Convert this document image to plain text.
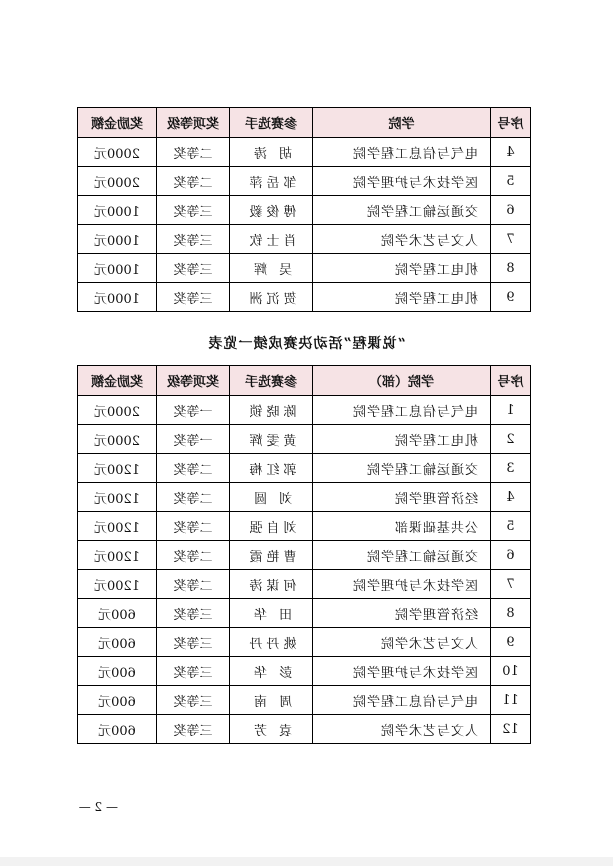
序号	学院	参赛选手	奖项等级	奖励金额
4	电气与信息工程学院	胡 涛	二等奖	2000元
5	医学技术与护理学院	邹岳萍	二等奖	2000元
6	交通运输工程学院	傅俊毅	三等奖	1000元
7	人文与艺术学院	肖士钦	三等奖	1000元
8	机电工程学院	吴 辉	三等奖	1000元
9	机电工程学院	贺沉洲	三等奖	1000元
“说课程”活动决赛成绩一览表
序号	学院（部）	参赛选手	奖项等级	奖励金额
1	电气与信息工程学院	陈晓锁	一等奖	2000元
2	机电工程学院	黄雯辉	一等奖	2000元
3	交通运输工程学院	郭红梅	二等奖	1200元
4	经济管理学院	刘 圆	二等奖	1200元
5	公共基础课部	刘自强	二等奖	1200元
6	交通运输工程学院	曹艳霞	二等奖	1200元
7	医学技术与护理学院	何谋涛	二等奖	1200元
8	经济管理学院	田 华	三等奖	600元
9	人文与艺术学院	姚丹丹	三等奖	600元
10	医学技术与护理学院	彭 华	三等奖	600元
11	电气与信息工程学院	周 南	三等奖	600元
12	人文与艺术学院	袁 芳	三等奖	600元
— 2 —
